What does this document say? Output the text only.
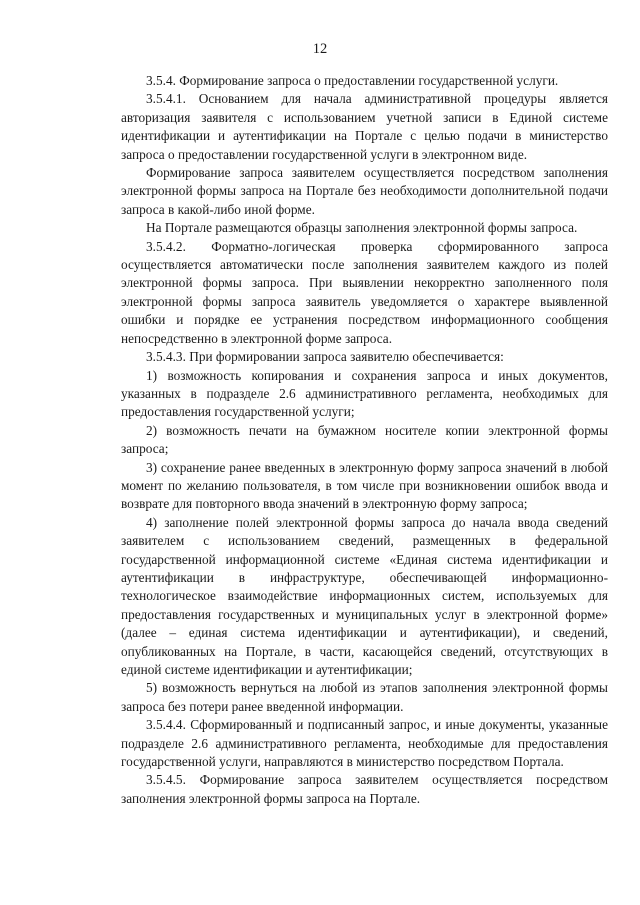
12

3.5.4. Формирование запроса о предоставлении государственной услуги.

3.5.4.1. Основанием для начала административной процедуры является авторизация заявителя с использованием учетной записи в Единой системе идентификации и аутентификации на Портале с целью подачи в министерство запроса о предоставлении государственной услуги в электронном виде.

Формирование запроса заявителем осуществляется посредством заполнения электронной формы запроса на Портале без необходимости дополнительной подачи запроса в какой-либо иной форме.

На Портале размещаются образцы заполнения электронной формы запроса.

3.5.4.2. Форматно-логическая проверка сформированного запроса осуществляется автоматически после заполнения заявителем каждого из полей электронной формы запроса. При выявлении некорректно заполненного поля электронной формы запроса заявитель уведомляется о характере выявленной ошибки и порядке ее устранения посредством информационного сообщения непосредственно в электронной форме запроса.

3.5.4.3. При формировании запроса заявителю обеспечивается:

1) возможность копирования и сохранения запроса и иных документов, указанных в подразделе 2.6 административного регламента, необходимых для предоставления государственной услуги;

2) возможность печати на бумажном носителе копии электронной формы запроса;

3) сохранение ранее введенных в электронную форму запроса значений в любой момент по желанию пользователя, в том числе при возникновении ошибок ввода и возврате для повторного ввода значений в электронную форму запроса;

4) заполнение полей электронной формы запроса до начала ввода сведений заявителем с использованием сведений, размещенных в федеральной государственной информационной системе «Единая система идентификации и аутентификации в инфраструктуре, обеспечивающей информационно-технологическое взаимодействие информационных систем, используемых для предоставления государственных и муниципальных услуг в электронной форме» (далее – единая система идентификации и аутентификации), и сведений, опубликованных на Портале, в части, касающейся сведений, отсутствующих в единой системе идентификации и аутентификации;

5) возможность вернуться на любой из этапов заполнения электронной формы запроса без потери ранее введенной информации.

3.5.4.4. Сформированный и подписанный запрос, и иные документы, указанные подразделе 2.6 административного регламента, необходимые для предоставления государственной услуги, направляются в министерство посредством Портала.

3.5.4.5. Формирование запроса заявителем осуществляется посредством заполнения электронной формы запроса на Портале.
